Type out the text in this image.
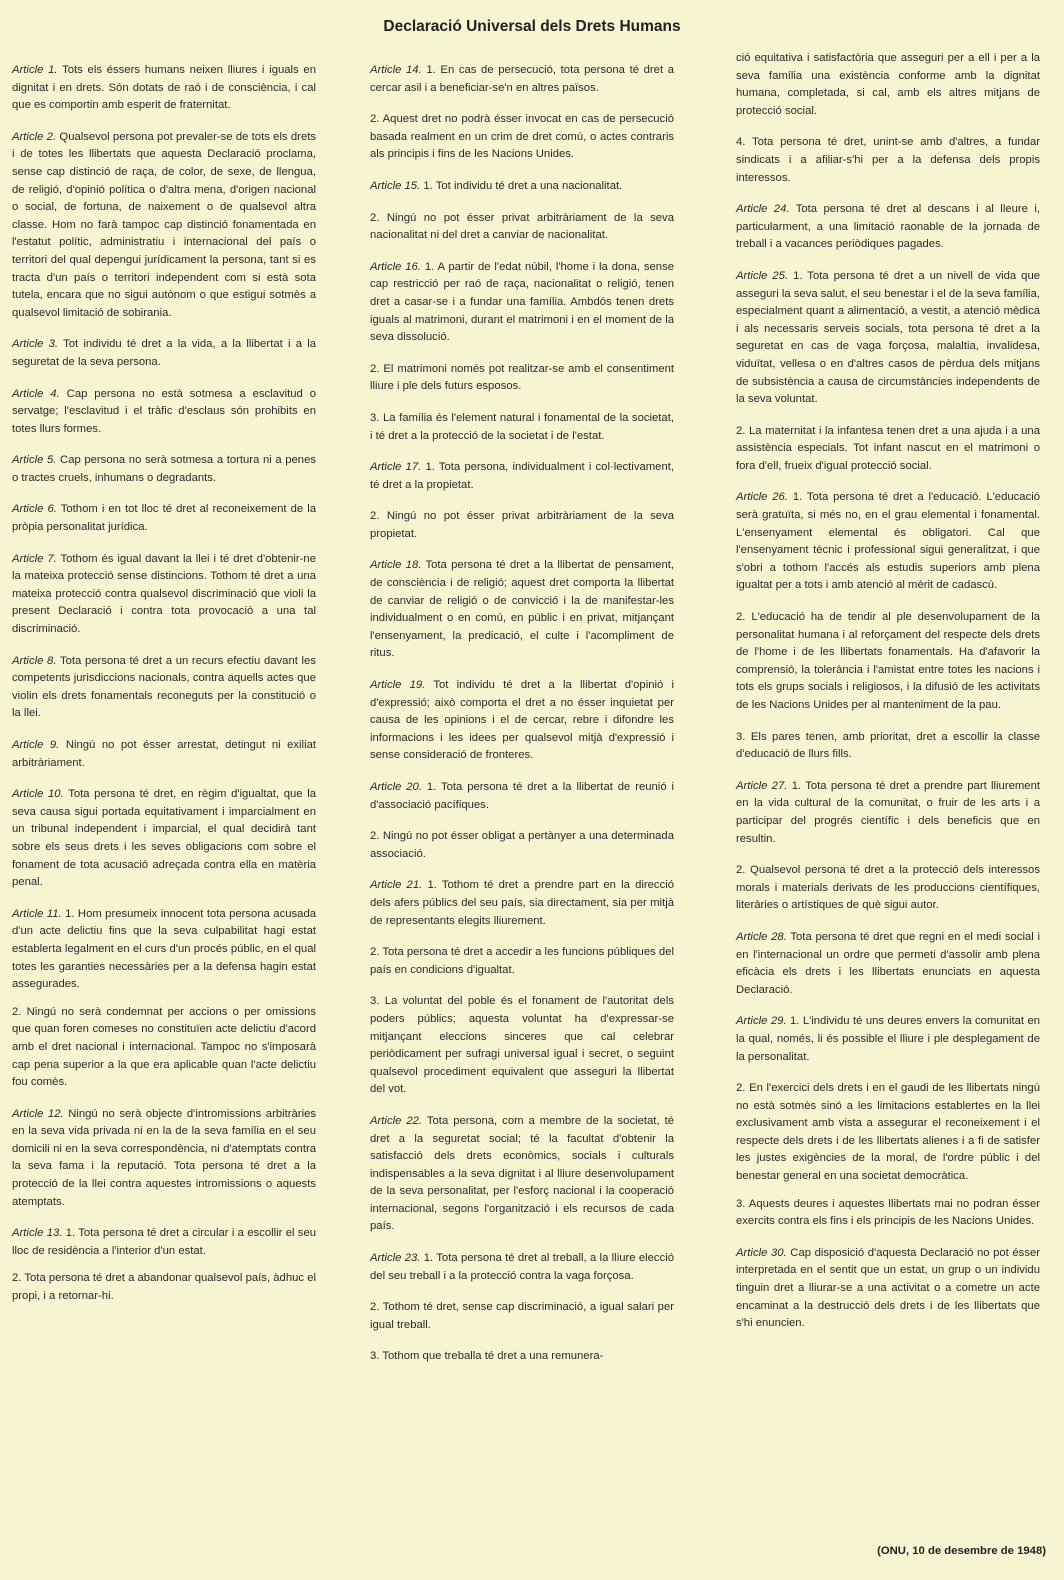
Declaració Universal dels Drets Humans

Article 1. Tots els éssers humans neixen lliures i iguals en dignitat i en drets. Són dotats de raó i de consciència, i cal que es comportin amb esperit de fraternitat.

Article 2. Qualsevol persona pot prevaler-se de tots els drets i de totes les llibertats que aquesta Declaració proclama, sense cap distinció de raça, de color, de sexe, de llengua, de religió, d'opinió política o d'altra mena, d'origen nacional o social, de fortuna, de naixement o de qualsevol altra classe. Hom no farà tampoc cap distinció fonamentada en l'estatut polític, administratiu i internacional del país o territori del qual depengui jurídicament la persona, tant si es tracta d'un país o territori independent com si està sota tutela, encara que no sigui autònom o que estigui sotmès a qualsevol limitació de sobirania.

Article 3. Tot individu té dret a la vida, a la llibertat i a la seguretat de la seva persona.

Article 4. Cap persona no està sotmesa a esclavitud o servatge; l'esclavitud i el tràfic d'esclaus són prohibits en totes llurs formes.

Article 5. Cap persona no serà sotmesa a tortura ni a penes o tractes cruels, inhumans o degradants.

Article 6. Tothom i en tot lloc té dret al reconeixement de la pròpia personalitat jurídica.

Article 7. Tothom és igual davant la llei i té dret d'obtenir-ne la mateixa protecció sense distincions. Tothom té dret a una mateixa protecció contra qualsevol discriminació que violi la present Declaració i contra tota provocació a una tal discriminació.

Article 8. Tota persona té dret a un recurs efectiu davant les competents jurisdiccions nacionals, contra aquells actes que violin els drets fonamentals reconeguts per la constitució o la llei.

Article 9. Ningú no pot ésser arrestat, detingut ni exiliat arbitràriament.

Article 10. Tota persona té dret, en règim d'igualtat, que la seva causa sigui portada equitativament i imparcialment en un tribunal independent i imparcial, el qual decidirà tant sobre els seus drets i les seves obligacions com sobre el fonament de tota acusació adreçada contra ella en matèria penal.

Article 11. 1. Hom presumeix innocent tota persona acusada d'un acte delictiu fins que la seva culpabilitat hagi estat establerta legalment en el curs d'un procés públic, en el qual totes les garanties necessàries per a la defensa hagin estat assegurades.

2. Ningú no serà condemnat per accions o per omissions que quan foren comeses no constituïen acte delictiu d'acord amb el dret nacional i internacional. Tampoc no s'imposarà cap pena superior a la que era aplicable quan l'acte delictiu fou comès.

Article 12. Ningú no serà objecte d'intromissions arbitràries en la seva vida privada ni en la de la seva família en el seu domicili ni en la seva correspondència, ni d'atemptats contra la seva fama i la reputació. Tota persona té dret a la protecció de la llei contra aquestes intromissions o aquests atemptats.

Article 13. 1. Tota persona té dret a circular i a escollir el seu lloc de residència a l'interior d'un estat.

2. Tota persona té dret a abandonar qualsevol país, àdhuc el propi, i a retornar-hi.

Article 14. 1. En cas de persecució, tota persona té dret a cercar asil i a beneficiar-se'n en altres països.

2. Aquest dret no podrà ésser invocat en cas de persecució basada realment en un crim de dret comú, o actes contraris als principis i fins de les Nacions Unides.

Article 15. 1. Tot individu té dret a una nacionalitat.

2. Ningú no pot ésser privat arbitràriament de la seva nacionalitat ni del dret a canviar de nacionalitat.

Article 16. 1. A partir de l'edat núbil, l'home i la dona, sense cap restricció per raó de raça, nacionalitat o religió, tenen dret a casar-se i a fundar una família. Ambdós tenen drets iguals al matrimoni, durant el matrimoni i en el moment de la seva dissolució.

2. El matrimoni només pot realitzar-se amb el consentiment lliure i ple dels futurs esposos.

3. La família és l'element natural i fonamental de la societat, i té dret a la protecció de la societat i de l'estat.

Article 17. 1. Tota persona, individualment i col·lectivament, té dret a la propietat.

2. Ningú no pot ésser privat arbitràriament de la seva propietat.

Article 18. Tota persona té dret a la llibertat de pensament, de consciència i de religió; aquest dret comporta la llibertat de canviar de religió o de convicció i la de manifestar-les individualment o en comú, en públic i en privat, mitjançant l'ensenyament, la predicació, el culte i l'acompliment de ritus.

Article 19. Tot individu té dret a la llibertat d'opinió i d'expressió; això comporta el dret a no ésser inquietat per causa de les opinions i el de cercar, rebre i difondre les informacions i les idees per qualsevol mitjà d'expressió i sense consideració de fronteres.

Article 20. 1. Tota persona té dret a la llibertat de reunió i d'associació pacífiques.

2. Ningú no pot ésser obligat a pertànyer a una determinada associació.

Article 21. 1. Tothom té dret a prendre part en la direcció dels afers públics del seu país, sia directament, sia per mitjà de representants elegits lliurement.

2. Tota persona té dret a accedir a les funcions públiques del país en condicions d'igualtat.

3. La voluntat del poble és el fonament de l'autoritat dels poders públics; aquesta voluntat ha d'expressar-se mitjançant eleccions sinceres que cal celebrar periòdicament per sufragi universal igual i secret, o seguint qualsevol procediment equivalent que asseguri la llibertat del vot.

Article 22. Tota persona, com a membre de la societat, té dret a la seguretat social; té la facultat d'obtenir la satisfacció dels drets econòmics, socials i culturals indispensables a la seva dignitat i al lliure desenvolupament de la seva personalitat, per l'esforç nacional i la cooperació internacional, segons l'organització i els recursos de cada país.

Article 23. 1. Tota persona té dret al treball, a la lliure elecció del seu treball i a la protecció contra la vaga forçosa.

2. Tothom té dret, sense cap discriminació, a igual salari per igual treball.

3. Tothom que treballa té dret a una remunera-

ció equitativa i satisfactòria que asseguri per a ell i per a la seva família una existència conforme amb la dignitat humana, completada, si cal, amb els altres mitjans de protecció social.

4. Tota persona té dret, unint-se amb d'altres, a fundar sindicats i a afiliar-s'hi per a la defensa dels propis interessos.

Article 24. Tota persona té dret al descans i al lleure i, particularment, a una limitació raonable de la jornada de treball i a vacances periòdiques pagades.

Article 25. 1. Tota persona té dret a un nivell de vida que asseguri la seva salut, el seu benestar i el de la seva família, especialment quant a alimentació, a vestit, a atenció mèdica i als necessaris serveis socials, tota persona té dret a la seguretat en cas de vaga forçosa, malaltia, invalidesa, viduïtat, vellesa o en d'altres casos de pèrdua dels mitjans de subsistència a causa de circumstàncies independents de la seva voluntat.

2. La maternitat i la infantesa tenen dret a una ajuda i a una assistència especials. Tot infant nascut en el matrimoni o fora d'ell, frueix d'igual protecció social.

Article 26. 1. Tota persona té dret a l'educació. L'educació serà gratuïta, si més no, en el grau elemental i fonamental. L'ensenyament elemental és obligatori. Cal que l'ensenyament tècnic i professional sigui generalitzat, i que s'obri a tothom l'accés als estudis superiors amb plena igualtat per a tots i amb atenció al mèrit de cadascú.

2. L'educació ha de tendir al ple desenvolupament de la personalitat humana i al reforçament del respecte dels drets de l'home i de les llibertats fonamentals. Ha d'afavorir la comprensió, la tolerància i l'amistat entre totes les nacions i tots els grups socials i religiosos, i la difusió de les activitats de les Nacions Unides per al manteniment de la pau.

3. Els pares tenen, amb prioritat, dret a escollir la classe d'educació de llurs fills.

Article 27. 1. Tota persona té dret a prendre part lliurement en la vida cultural de la comunitat, o fruir de les arts i a participar del progrés científic i dels beneficis que en resultin.

2. Qualsevol persona té dret a la protecció dels interessos morals i materials derivats de les produccions científiques, literàries o artístiques de què sigui autor.

Article 28. Tota persona té dret que regni en el medi social i en l'internacional un ordre que permeti d'assolir amb plena eficàcia els drets i les llibertats enunciats en aquesta Declaració.

Article 29. 1. L'individu té uns deures envers la comunitat en la qual, només, li és possible el lliure i ple desplegament de la personalitat.

2. En l'exercici dels drets i en el gaudi de les llibertats ningú no està sotmès sinó a les limitacions establertes en la llei exclusivament amb vista a assegurar el reconeixement i el respecte dels drets i de les llibertats alienes i a fi de satisfer les justes exigències de la moral, de l'ordre públic i del benestar general en una societat democràtica.

3. Aquests deures i aquestes llibertats mai no podran ésser exercits contra els fins i els principis de les Nacions Unides.

Article 30. Cap disposició d'aquesta Declaració no pot ésser interpretada en el sentit que un estat, un grup o un individu tinguin dret a lliurar-se a una activitat o a cometre un acte encaminat a la destrucció dels drets i de les llibertats que s'hi enuncien.

(ONU, 10 de desembre de 1948)
